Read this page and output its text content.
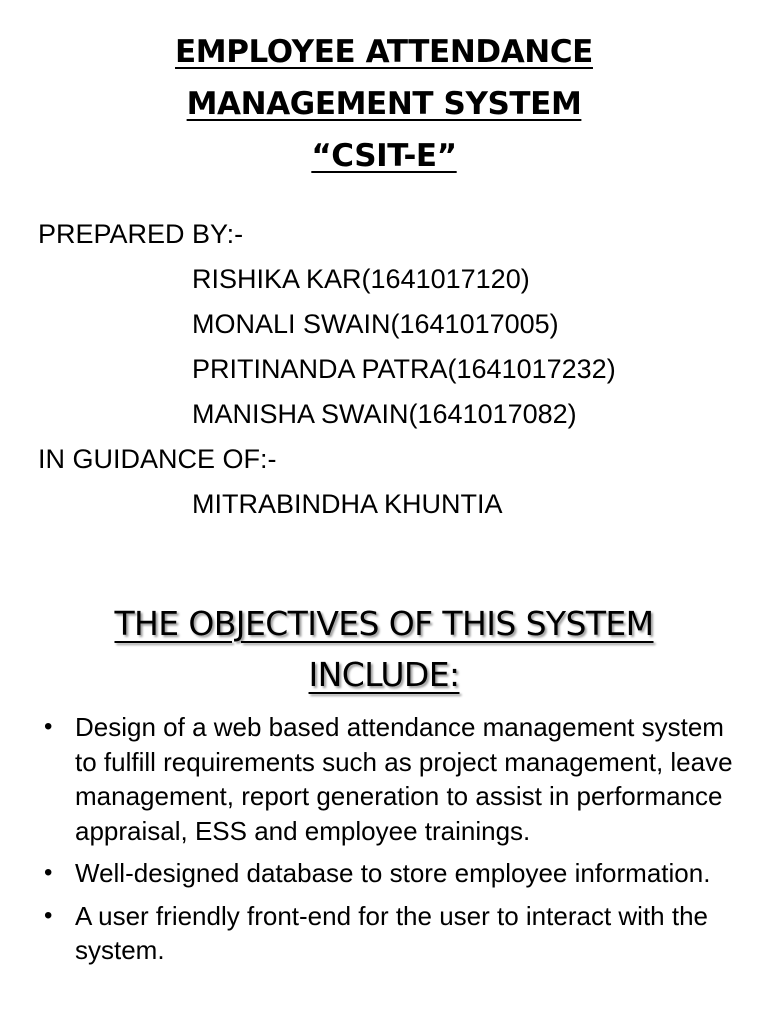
EMPLOYEE ATTENDANCE
MANAGEMENT SYSTEM
“CSIT-E”
PREPARED BY:-
RISHIKA KAR(1641017120)
MONALI SWAIN(1641017005)
PRITINANDA PATRA(1641017232)
MANISHA SWAIN(1641017082)
IN GUIDANCE OF:-
MITRABINDHA KHUNTIA
THE OBJECTIVES OF THIS SYSTEM
INCLUDE:
• Design of a web based attendance management system to fulfill requirements such as project management, leave management, report generation to assist in performance appraisal, ESS and employee trainings.
• Well-designed database to store employee information.
• A user friendly front-end for the user to interact with the system.
